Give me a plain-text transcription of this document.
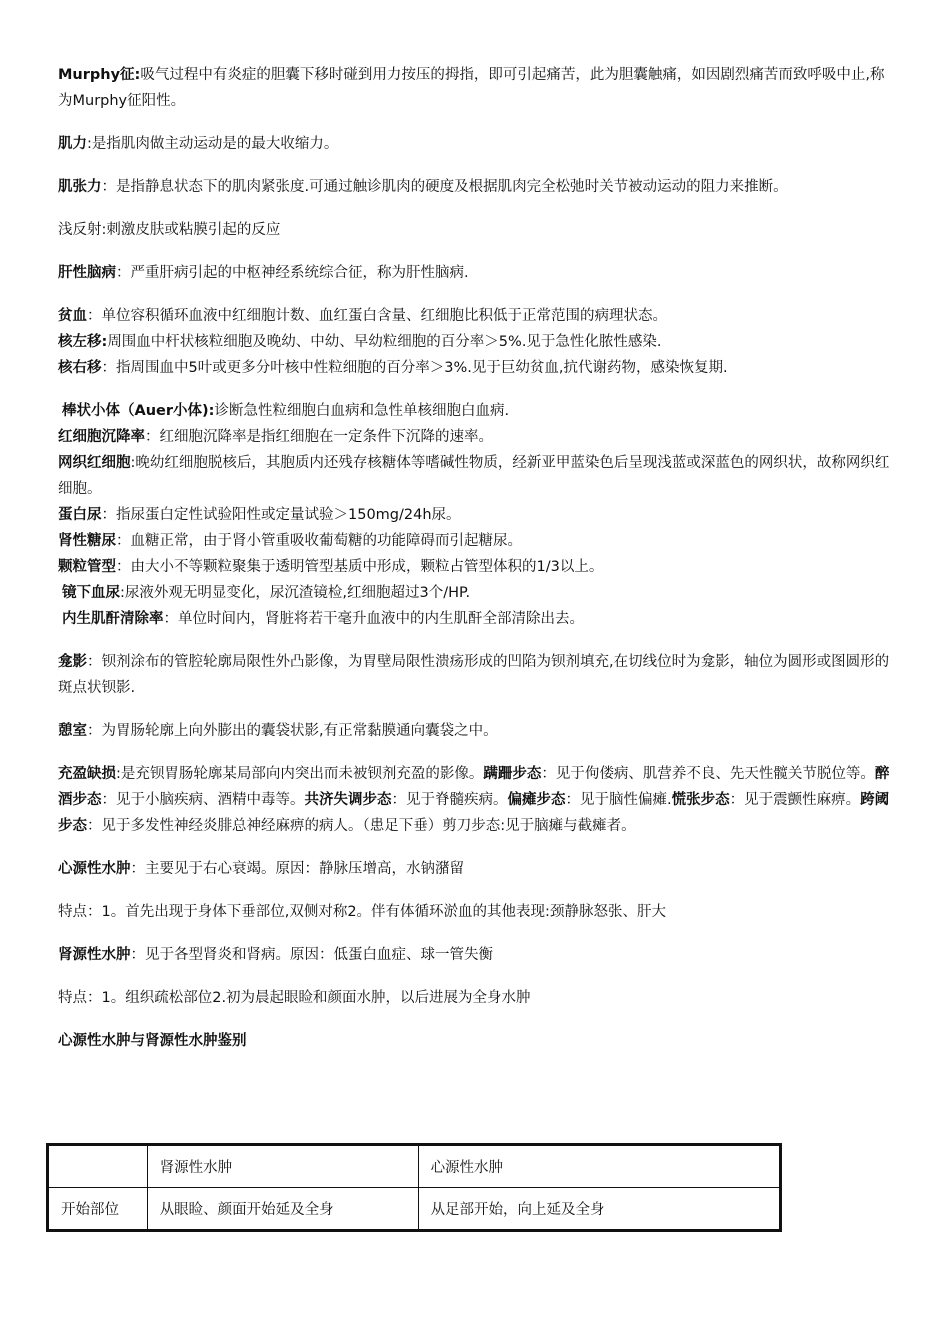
Murphy征:吸气过程中有炎症的胆囊下移时碰到用力按压的拇指，即可引起痛苦，此为胆囊触痛，如因剧烈痛苦而致呼吸中止,称为Murphy征阳性。

肌力:是指肌肉做主动运动是的最大收缩力。

肌张力：是指静息状态下的肌肉紧张度.可通过触诊肌肉的硬度及根据肌肉完全松弛时关节被动运动的阻力来推断。

浅反射:刺激皮肤或粘膜引起的反应

肝性脑病：严重肝病引起的中枢神经系统综合征，称为肝性脑病.

贫血：单位容积循环血液中红细胞计数、血红蛋白含量、红细胞比积低于正常范围的病理状态。

核左移:周围血中杆状核粒细胞及晚幼、中幼、早幼粒细胞的百分率＞5%.见于急性化脓性感染.

核右移：指周围血中5叶或更多分叶核中性粒细胞的百分率＞3%.见于巨幼贫血,抗代谢药物，感染恢复期.

棒状小体（Auer小体):诊断急性粒细胞白血病和急性单核细胞白血病.

红细胞沉降率：红细胞沉降率是指红细胞在一定条件下沉降的速率。

网织红细胞:晚幼红细胞脱核后，其胞质内还残存核糖体等嗜碱性物质，经新亚甲蓝染色后呈现浅蓝或深蓝色的网织状，故称网织红细胞。

蛋白尿：指尿蛋白定性试验阳性或定量试验＞150mg/24h尿。

肾性糖尿：血糖正常，由于肾小管重吸收葡萄糖的功能障碍而引起糖尿。

颗粒管型：由大小不等颗粒聚集于透明管型基质中形成，颗粒占管型体积的1/3以上。

镜下血尿:尿液外观无明显变化，尿沉渣镜检,红细胞超过3个/HP.

内生肌酐清除率：单位时间内，肾脏将若干毫升血液中的内生肌酐全部清除出去。

龛影：钡剂涂布的管腔轮廓局限性外凸影像，为胃壁局限性溃疡形成的凹陷为钡剂填充,在切线位时为龛影，轴位为圆形或图圆形的斑点状钡影.

憩室：为胃肠轮廓上向外膨出的囊袋状影,有正常黏膜通向囊袋之中。

充盈缺损:是充钡胃肠轮廓某局部向内突出而未被钡剂充盈的影像。蹒跚步态：见于佝偻病、肌营养不良、先天性髋关节脱位等。醉酒步态：见于小脑疾病、酒精中毒等。共济失调步态：见于脊髓疾病。偏瘫步态：见于脑性偏瘫.慌张步态：见于震颤性麻痹。跨阈步态：见于多发性神经炎腓总神经麻痹的病人。（患足下垂）剪刀步态:见于脑瘫与截瘫者。

心源性水肿：主要见于右心衰竭。原因：静脉压增高，水钠潴留

特点：1。首先出现于身体下垂部位,双侧对称2。伴有体循环淤血的其他表现:颈静脉怒张、肝大

肾源性水肿：见于各型肾炎和肾病。原因：低蛋白血症、球一管失衡

特点：1。组织疏松部位2.初为晨起眼睑和颜面水肿，以后进展为全身水肿

心源性水肿与肾源性水肿鉴别

	肾源性水肿	心源性水肿
开始部位	从眼睑、颜面开始延及全身	从足部开始，向上延及全身
